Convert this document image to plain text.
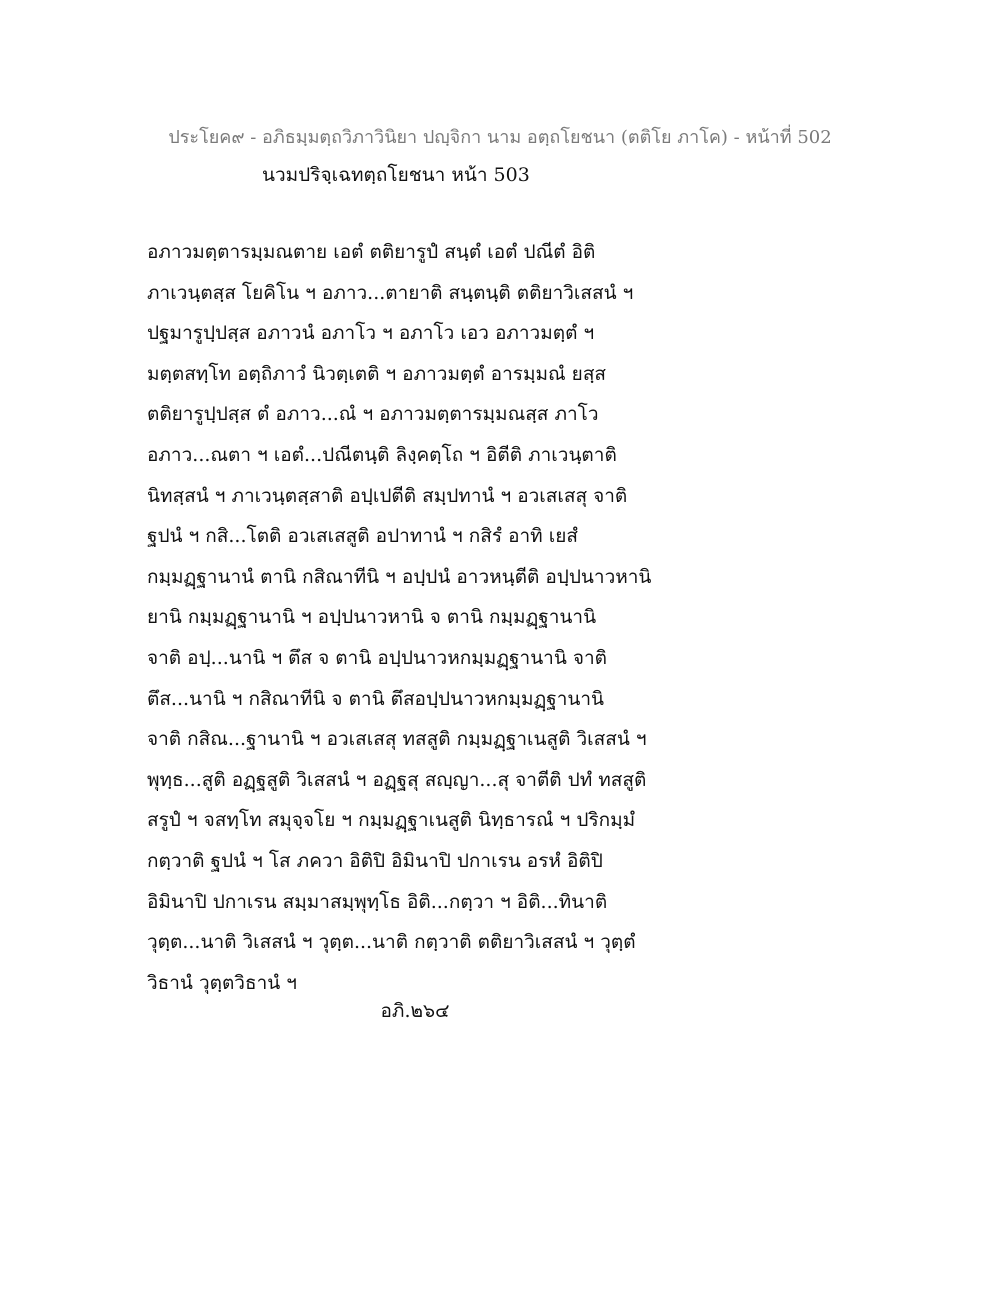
ประโยค๙ - อภิธมฺมตฺถวิภาวินิยา ปญฺจิกา นาม อตฺถโยชนา (ตติโย ภาโค) - หน้าที่ 502
นวมปริจฺเฉทตฺถโยชนา หน้า 503
อภาวมตฺตารมฺมณตาย เอตํ ตติยารูปํ สนฺตํ เอตํ ปณีตํ อิติ
ภาเวนฺตสฺส โยคิโน ฯ อภาว...ตายาติ สนฺตนฺติ ตติยาวิเสสนํ ฯ
ปฐมารูปฺปสฺส อภาวนํ อภาโว ฯ อภาโว เอว อภาวมตฺตํ ฯ
มตฺตสทฺโท อตฺถิภาวํ นิวตฺเตติ ฯ อภาวมตฺตํ อารมฺมณํ ยสฺส
ตติยารูปฺปสฺส ตํ อภาว...ณํ ฯ อภาวมตฺตารมฺมณสฺส ภาโว
อภาว...ณตา ฯ เอตํ...ปณีตนฺติ ลิงฺคตฺโถ ฯ อิตีติ ภาเวนฺตาติ
นิทสฺสนํ ฯ ภาเวนฺตสฺสาติ อปฺเปตีติ สมฺปทานํ ฯ อวเสเสสุ จาติ
ฐปนํ ฯ กสิ...โตติ อวเสเสสูติ อปาทานํ ฯ กสิรํ อาทิ เยสํ
กมฺมฏฺฐานานํ ตานิ กสิณาทีนิ ฯ อปฺปนํ อาวหนฺตีติ อปฺปนาวหานิ
ยานิ กมฺมฏฺฐานานิ ฯ อปฺปนาวหานิ จ ตานิ กมฺมฏฺฐานานิ
จาติ อปฺ...นานิ ฯ ตึส จ ตานิ อปฺปนาวหกมฺมฏฺฐานานิ จาติ
ตึส...นานิ ฯ กสิณาทีนิ จ ตานิ ตึสอปฺปนาวหกมฺมฏฺฐานานิ
จาติ กสิณ...ฐานานิ ฯ อวเสเสสุ ทสสูติ กมฺมฏฺฐาเนสูติ วิเสสนํ ฯ
พุทฺธ...สูติ อฏฺฐสูติ วิเสสนํ ฯ อฏฺฐสุ สญฺญา...สุ จาตีติ ปทํ ทสสูติ
สรูปํ ฯ จสทฺโท สมุจฺจโย ฯ กมฺมฏฺฐาเนสูติ นิทฺธารณํ ฯ ปริกมฺมํ
กตฺวาติ ฐปนํ ฯ โส ภควา อิติปิ อิมินาปิ ปกาเรน อรหํ อิติปิ
อิมินาปิ ปกาเรน สมฺมาสมฺพุทฺโธ อิติ...กตฺวา ฯ อิติ...ทินาติ
วุตฺต...นาติ วิเสสนํ ฯ วุตฺต...นาติ กตฺวาติ ตติยาวิเสสนํ ฯ วุตฺตํ
วิธานํ วุตฺตวิธานํ ฯ
อภิ.๒๖๔
